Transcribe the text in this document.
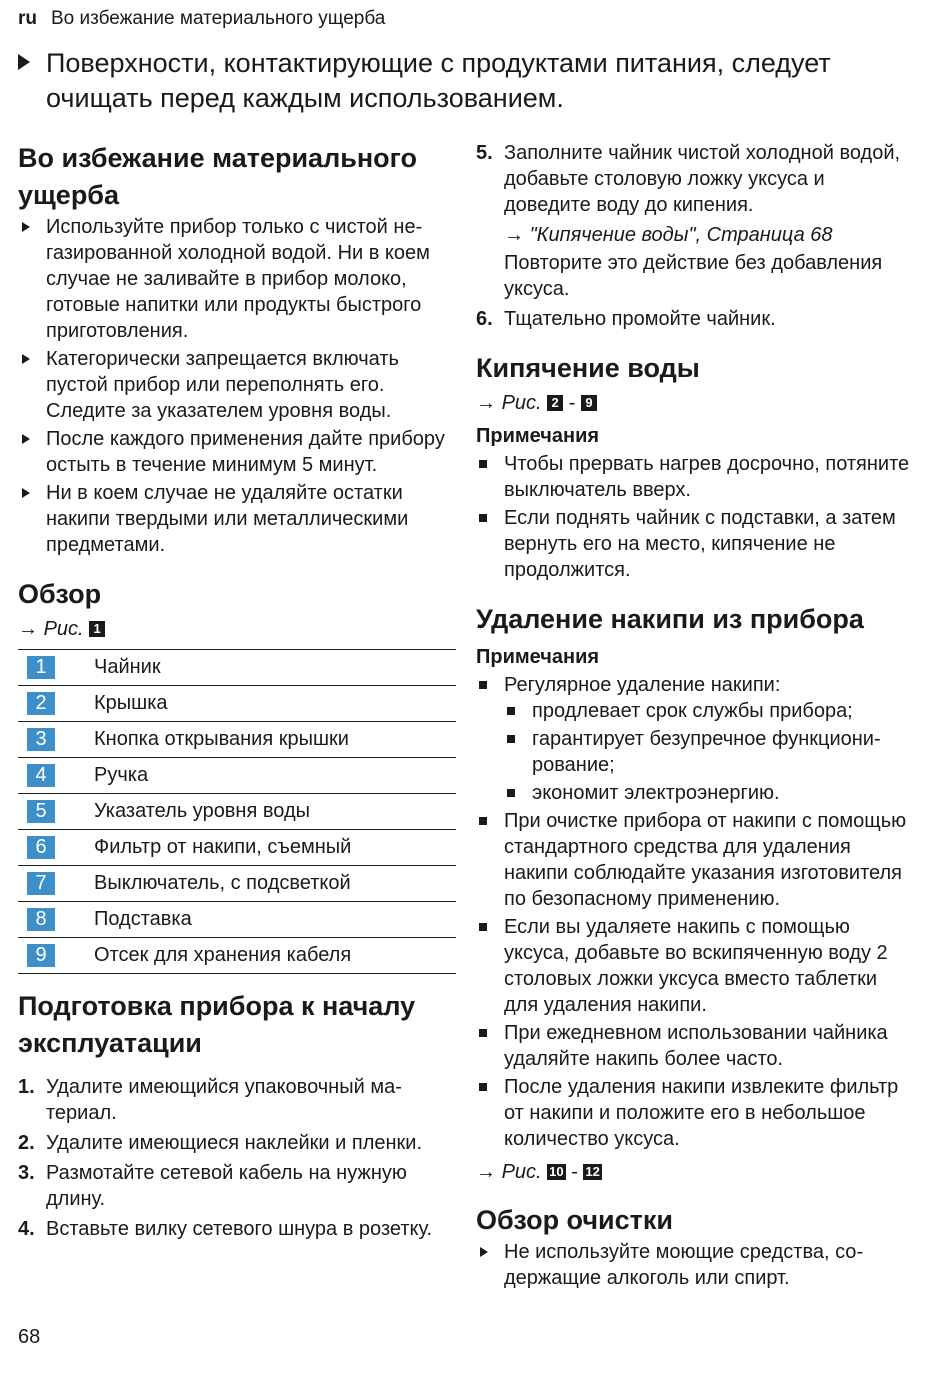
ru Во избежание материального ущерба
Поверхности, контактирующие с продуктами питания, следует очищать перед каждым использованием.
Во избежание материального ущерба
Используйте прибор только с чистой негазированной холодной водой. Ни в коем случае не заливайте в прибор молоко, готовые напитки или продукты быстрого приготовления.
Категорически запрещается включать пустой прибор или переполнять его. Следите за указателем уровня воды.
После каждого применения дайте прибору остыть в течение минимум 5 минут.
Ни в коем случае не удаляйте остатки накипи твердыми или металлическими предметами.
Обзор
→ Рис. 1
1	Чайник
2	Крышка
3	Кнопка открывания крышки
4	Ручка
5	Указатель уровня воды
6	Фильтр от накипи, съемный
7	Выключатель, с подсветкой
8	Подставка
9	Отсек для хранения кабеля
Подготовка прибора к началу эксплуатации
1. Удалите имеющийся упаковочный материал.
2. Удалите имеющиеся наклейки и пленки.
3. Размотайте сетевой кабель на нужную длину.
4. Вставьте вилку сетевого шнура в розетку.
5. Заполните чайник чистой холодной водой, добавьте столовую ложку уксуса и доведите воду до кипения.
→ "Кипячение воды", Страница 68
Повторите это действие без добавления уксуса.
6. Тщательно промойте чайник.
Кипячение воды
→ Рис. 2 - 9
Примечания
Чтобы прервать нагрев досрочно, потяните выключатель вверх.
Если поднять чайник с подставки, а затем вернуть его на место, кипячение не продолжится.
Удаление накипи из прибора
Примечания
Регулярное удаление накипи:
продлевает срок службы прибора;
гарантирует безупречное функционирование;
экономит электроэнергию.
При очистке прибора от накипи с помощью стандартного средства для удаления накипи соблюдайте указания изготовителя по безопасному применению.
Если вы удаляете накипь с помощью уксуса, добавьте во вскипяченную воду 2 столовых ложки уксуса вместо таблетки для удаления накипи.
При ежедневном использовании чайника удаляйте накипь более часто.
После удаления накипи извлеките фильтр от накипи и положите его в небольшое количество уксуса.
→ Рис. 10 - 12
Обзор очистки
Не используйте моющие средства, содержащие алкоголь или спирт.
68
